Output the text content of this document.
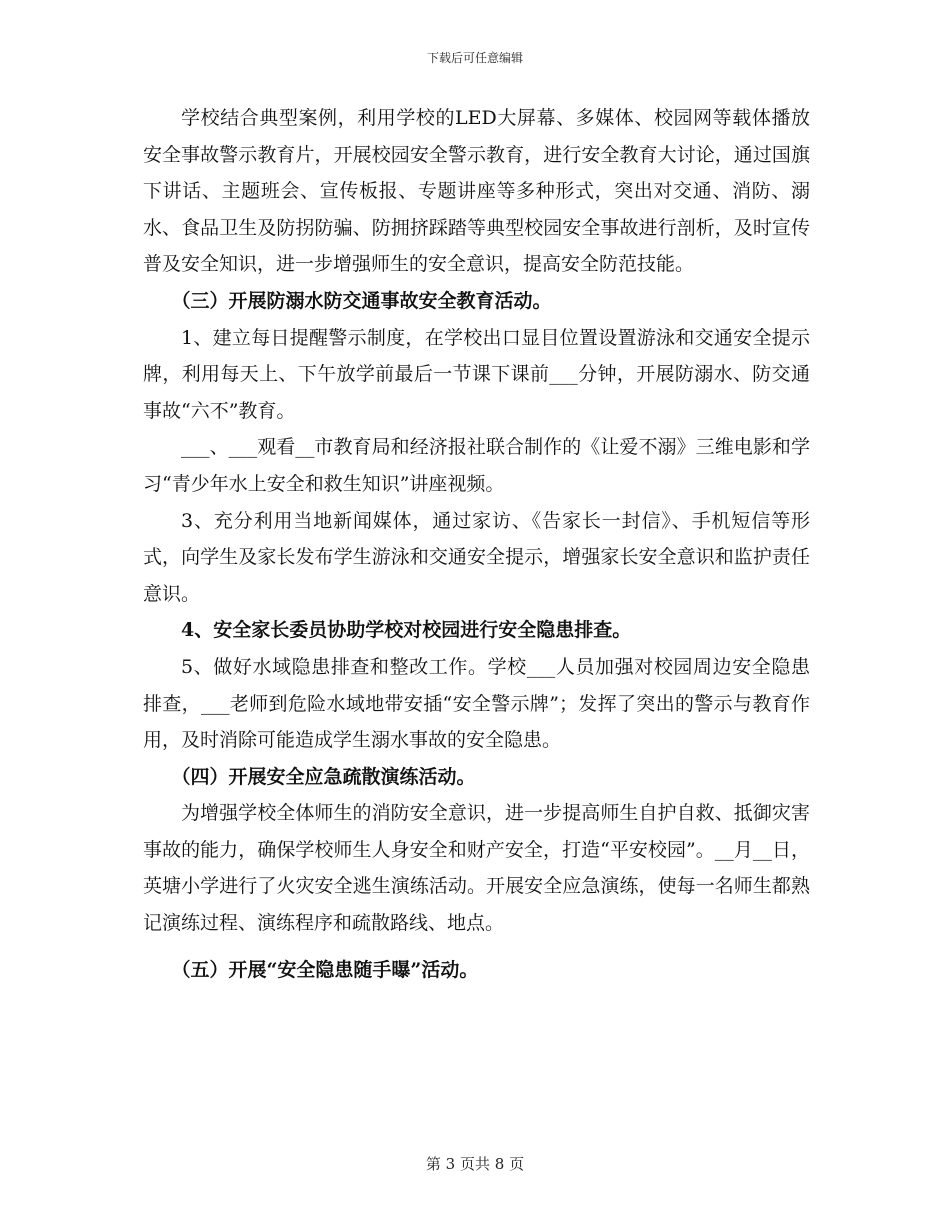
下载后可任意编辑

学校结合典型案例，利用学校的LED大屏幕、多媒体、校园网等载体播放安全事故警示教育片，开展校园安全警示教育，进行安全教育大讨论，通过国旗下讲话、主题班会、宣传板报、专题讲座等多种形式，突出对交通、消防、溺水、食品卫生及防拐防骗、防拥挤踩踏等典型校园安全事故进行剖析，及时宣传普及安全知识，进一步增强师生的安全意识，提高安全防范技能。

（三）开展防溺水防交通事故安全教育活动。

1、建立每日提醒警示制度，在学校出口显目位置设置游泳和交通安全提示牌，利用每天上、下午放学前最后一节课下课前___分钟，开展防溺水、防交通事故“六不”教育。

___、___观看__市教育局和经济报社联合制作的《让爱不溺》三维电影和学习“青少年水上安全和救生知识”讲座视频。

3、充分利用当地新闻媒体，通过家访、《告家长一封信》、手机短信等形式，向学生及家长发布学生游泳和交通安全提示，增强家长安全意识和监护责任意识。

4、安全家长委员协助学校对校园进行安全隐患排查。

5、做好水域隐患排查和整改工作。学校___人员加强对校园周边安全隐患排查，___老师到危险水域地带安插“安全警示牌”；发挥了突出的警示与教育作用，及时消除可能造成学生溺水事故的安全隐患。

（四）开展安全应急疏散演练活动。

为增强学校全体师生的消防安全意识，进一步提高师生自护自救、抵御灾害事故的能力，确保学校师生人身安全和财产安全，打造“平安校园”。__月__日，英塘小学进行了火灾安全逃生演练活动。开展安全应急演练，使每一名师生都熟记演练过程、演练程序和疏散路线、地点。

（五）开展“安全隐患随手曝”活动。

第 3 页共 8 页
